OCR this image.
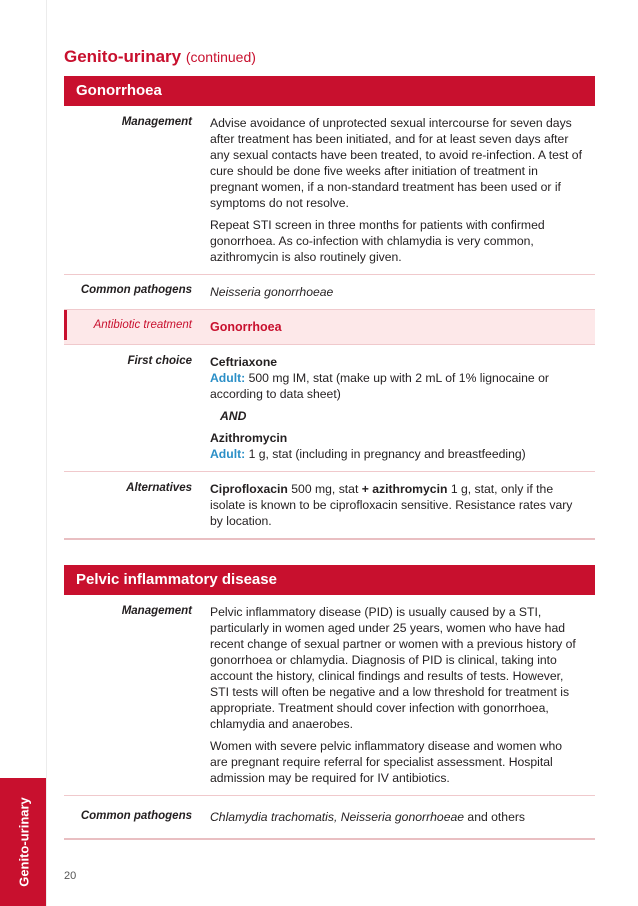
Genito-urinary
Genito-urinary (continued)
Gonorrhoea
Management	Advise avoidance of unprotected sexual intercourse for seven days after treatment has been initiated, and for at least seven days after any sexual contacts have been treated, to avoid re-infection. A test of cure should be done five weeks after initiation of treatment in pregnant women, if a non-standard treatment has been used or if symptoms do not resolve.

Repeat STI screen in three months for patients with confirmed gonorrhoea. As co-infection with chlamydia is very common, azithromycin is also routinely given.

Common pathogens	Neisseria gonorrhoeae
Antibiotic treatment	Gonorrhoea
First choice	Ceftriaxone
Adult: 500 mg IM, stat (make up with 2 mL of 1% lignocaine or according to data sheet)
AND
Azithromycin
Adult: 1 g, stat (including in pregnancy and breastfeeding)
Alternatives	Ciprofloxacin 500 mg, stat + azithromycin 1 g, stat, only if the isolate is known to be ciprofloxacin sensitive. Resistance rates vary by location.
Pelvic inflammatory disease
Management	Pelvic inflammatory disease (PID) is usually caused by a STI, particularly in women aged under 25 years, women who have had recent change of sexual partner or women with a previous history of gonorrhoea or chlamydia. Diagnosis of PID is clinical, taking into account the history, clinical findings and results of tests. However, STI tests will often be negative and a low threshold for treatment is appropriate. Treatment should cover infection with gonorrhoea, chlamydia and anaerobes.

Women with severe pelvic inflammatory disease and women who are pregnant require referral for specialist assessment. Hospital admission may be required for IV antibiotics.

Common pathogens	Chlamydia trachomatis, Neisseria gonorrhoeae and others
20
